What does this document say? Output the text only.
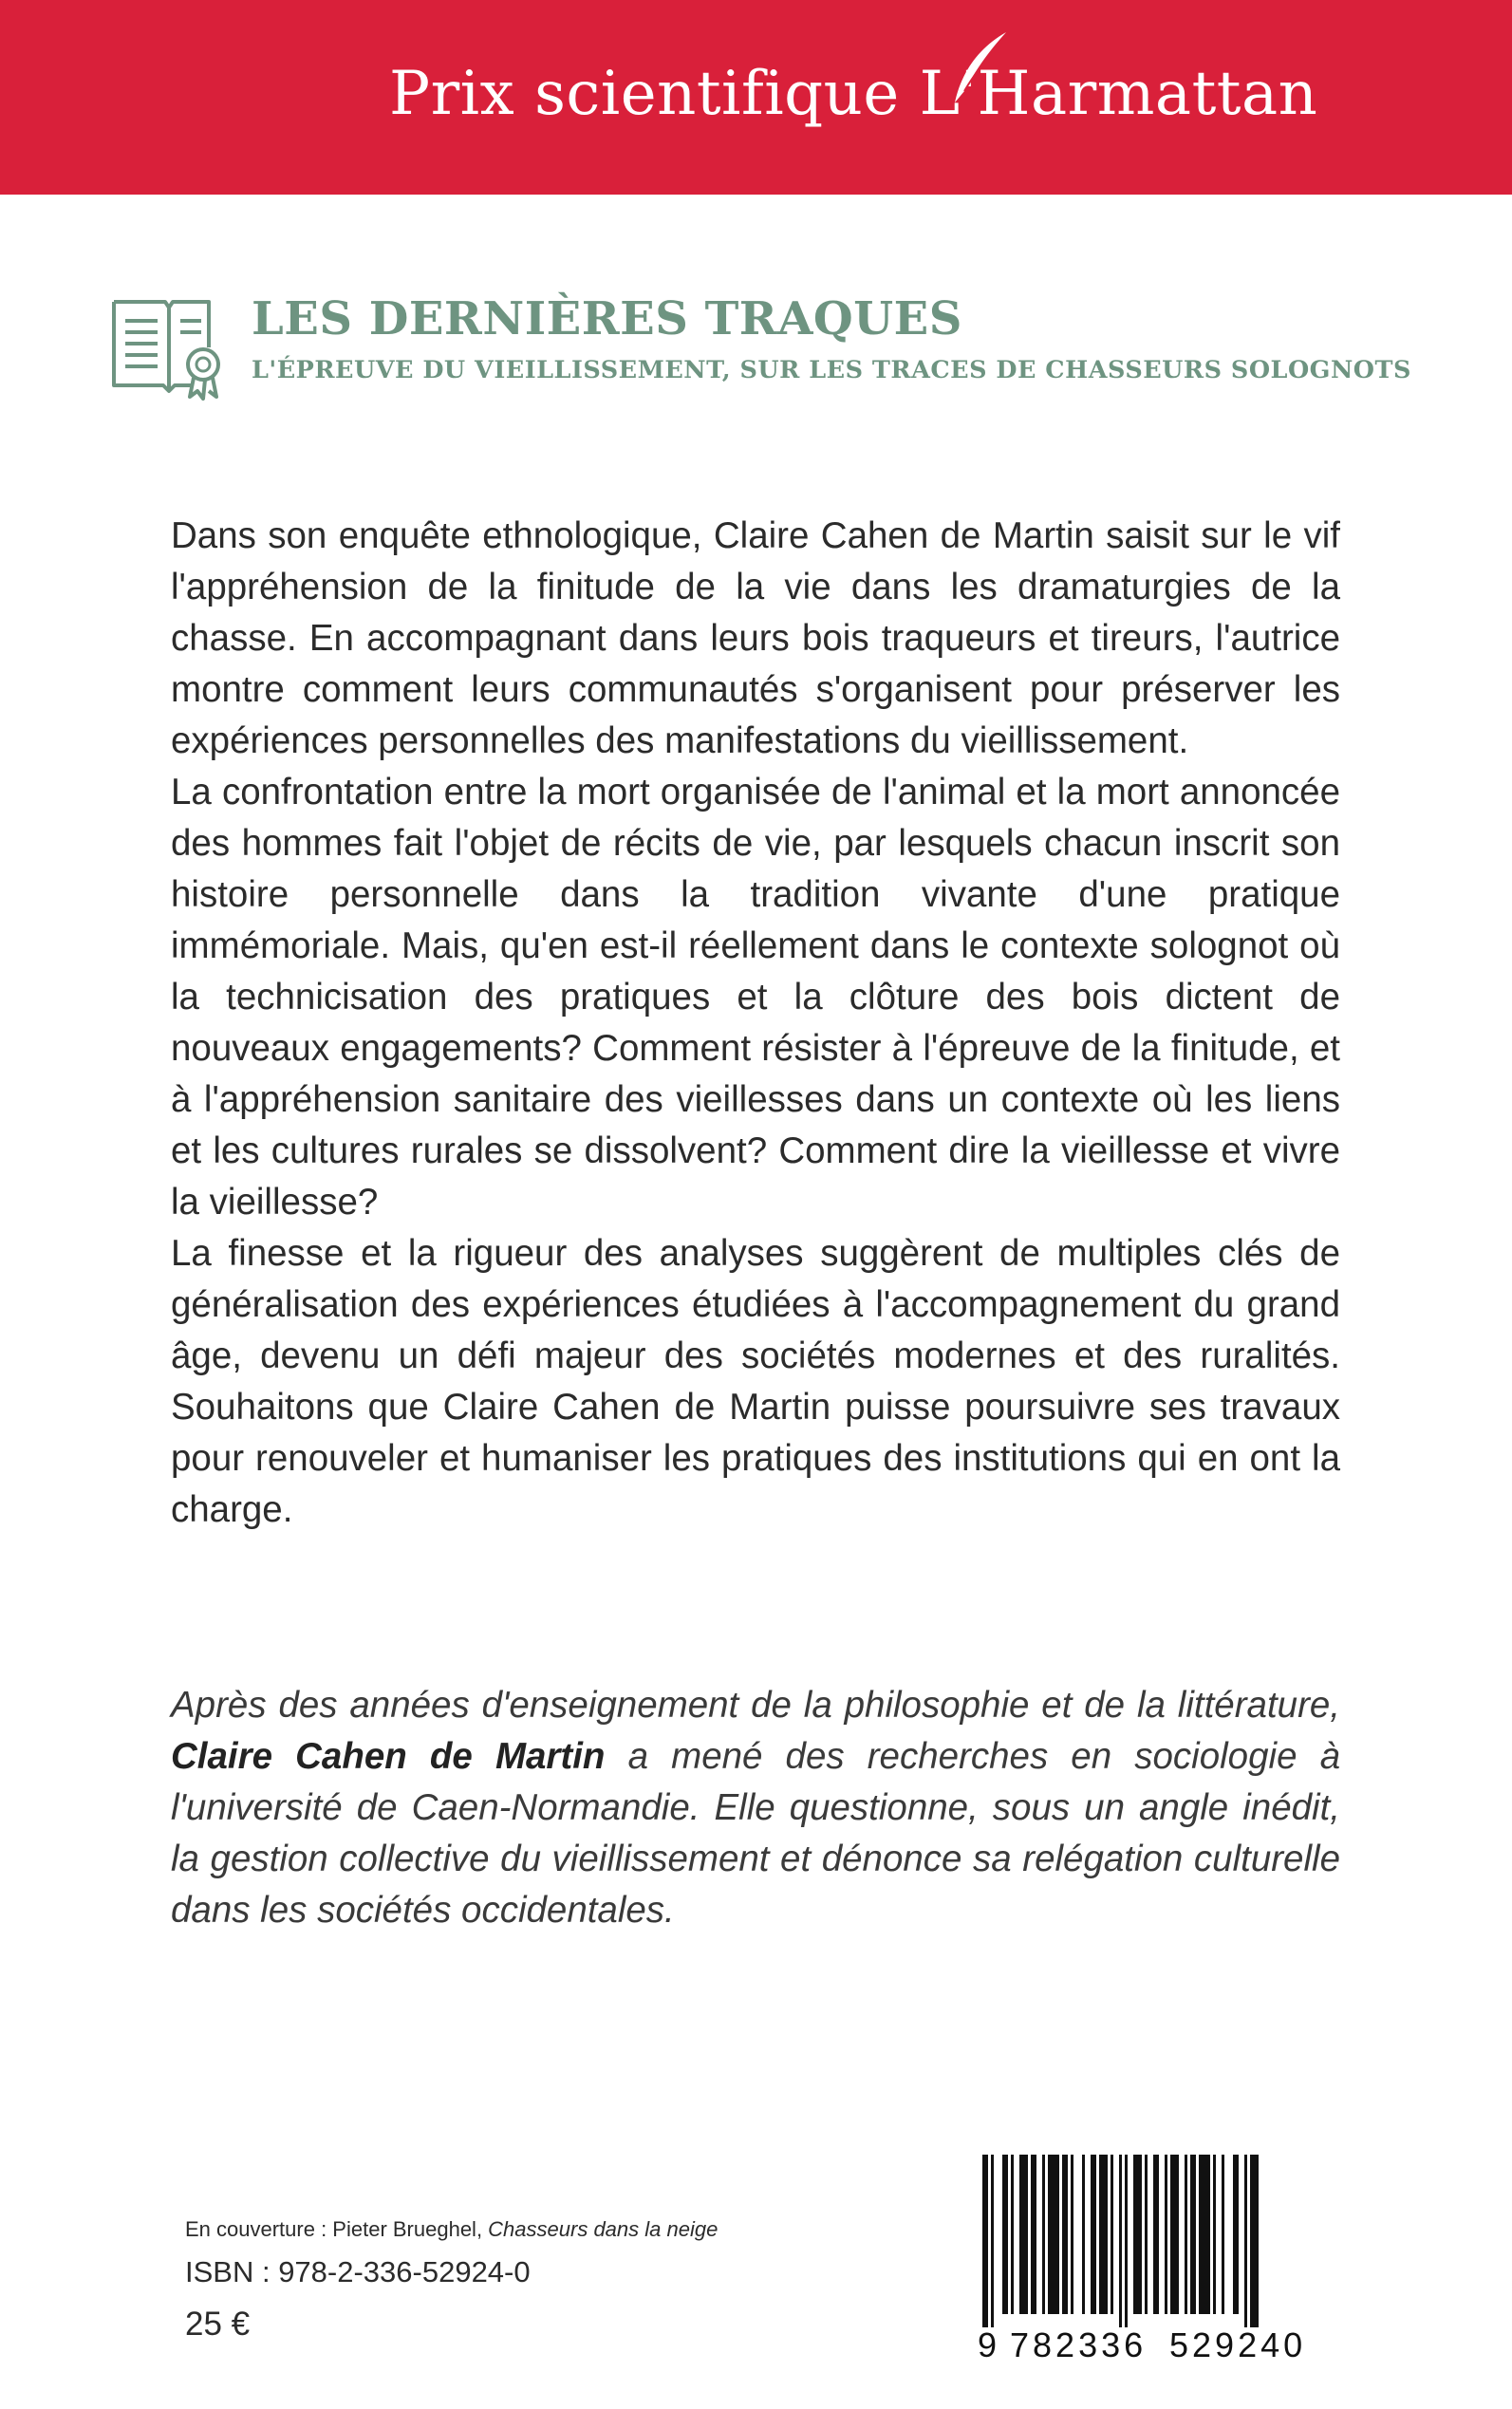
Prix scientifique L'Harmattan
LES DERNIÈRES TRAQUES
L'ÉPREUVE DU VIEILLISSEMENT, SUR LES TRACES DE CHASSEURS SOLOGNOTS

Dans son enquête ethnologique, Claire Cahen de Martin saisit sur le vif l'appréhension de la finitude de la vie dans les dramaturgies de la chasse. En accompagnant dans leurs bois traqueurs et tireurs, l'autrice montre comment leurs communautés s'organisent pour préserver les expériences personnelles des manifestations du vieillissement.

La confrontation entre la mort organisée de l'animal et la mort annoncée des hommes fait l'objet de récits de vie, par lesquels chacun inscrit son histoire personnelle dans la tradition vivante d'une pratique immémoriale. Mais, qu'en est-il réellement dans le contexte solognot où la technicisation des pratiques et la clôture des bois dictent de nouveaux engagements? Comment résister à l'épreuve de la finitude, et à l'appréhension sanitaire des vieillesses dans un contexte où les liens et les cultures rurales se dissolvent? Comment dire la vieillesse et vivre la vieillesse?

La finesse et la rigueur des analyses suggèrent de multiples clés de généralisation des expériences étudiées à l'accompagnement du grand âge, devenu un défi majeur des sociétés modernes et des ruralités. Souhaitons que Claire Cahen de Martin puisse poursuivre ses travaux pour renouveler et humaniser les pratiques des institutions qui en ont la charge.

Après des années d'enseignement de la philosophie et de la littérature, Claire Cahen de Martin a mené des recherches en sociologie à l'université de Caen-Normandie. Elle questionne, sous un angle inédit, la gestion collective du vieillissement et dénonce sa relégation culturelle dans les sociétés occidentales.
En couverture : Pieter Brueghel, Chasseurs dans la neige
ISBN : 978-2-336-52924-0
25 €
9 782336 529240
